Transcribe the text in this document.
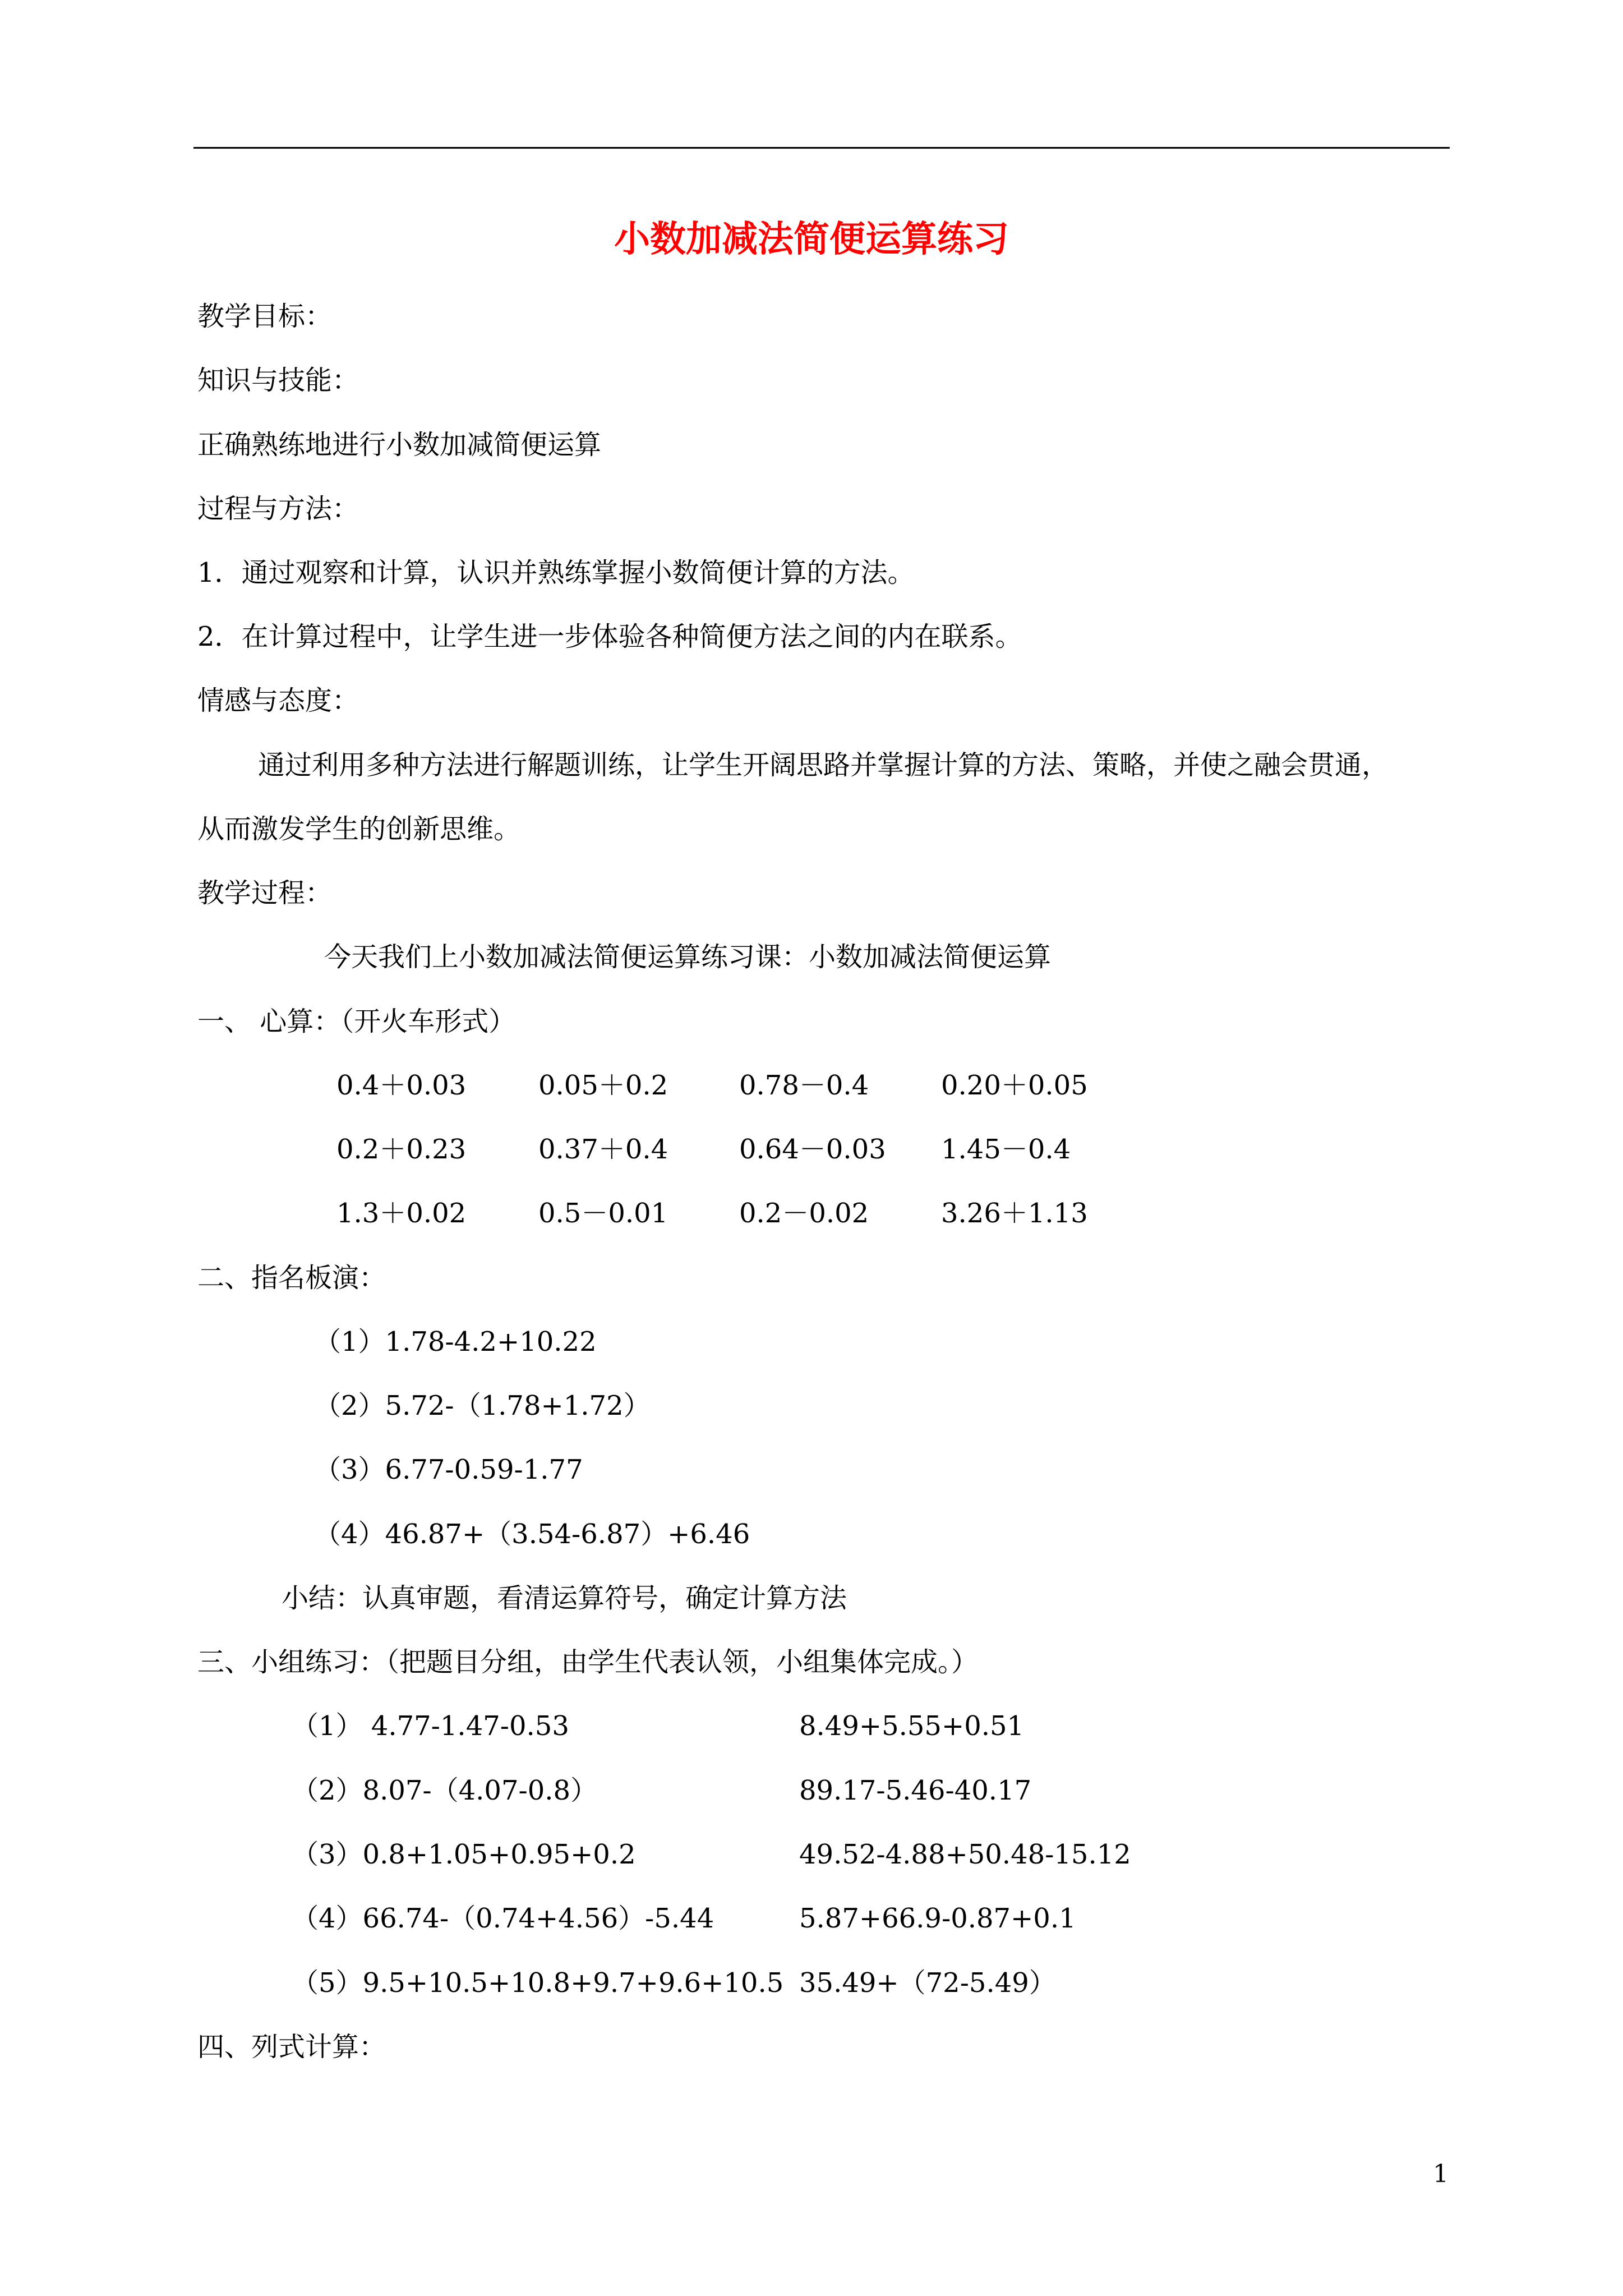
小数加减法简便运算练习
教学目标：
知识与技能：
正确熟练地进行小数加减简便运算
过程与方法：
1．通过观察和计算，认识并熟练掌握小数简便计算的方法。
2．在计算过程中，让学生进一步体验各种简便方法之间的内在联系。
情感与态度：
通过利用多种方法进行解题训练，让学生开阔思路并掌握计算的方法、策略，并使之融会贯通，
从而激发学生的创新思维。
教学过程：
今天我们上小数加减法简便运算练习课：小数加减法简便运算
一、 心算：（开火车形式）
0.4＋0.03	0.05＋0.2	0.78－0.4	0.20＋0.05
0.2＋0.23	0.37＋0.4	0.64－0.03 1.45－0.4
1.3＋0.02	0.5－0.01	0.2－0.02	3.26＋1.13
二、指名板演：
（1）1.78-4.2+10.22
（2）5.72-（1.78+1.72）
（3）6.77-0.59-1.77
（4）46.87+（3.54-6.87）+6.46
小结：认真审题，看清运算符号，确定计算方法
三、小组练习：（把题目分组，由学生代表认领，小组集体完成。）
（1） 4.77-1.47-0.53	8.49+5.55+0.51
（2）8.07-（4.07-0.8）	89.17-5.46-40.17
（3）0.8+1.05+0.95+0.2	49.52-4.88+50.48-15.12
（4）66.74-（0.74+4.56）-5.44	5.87+66.9-0.87+0.1
（5）9.5+10.5+10.8+9.7+9.6+10.5 35.49+（72-5.49）
四、列式计算：
1
